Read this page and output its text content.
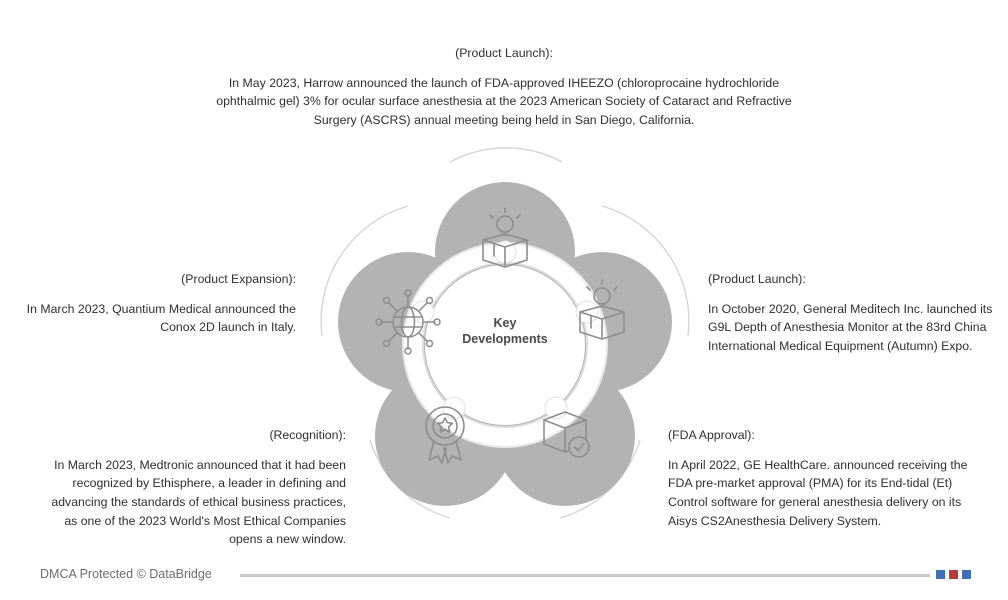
(Product Launch):
In May 2023, Harrow announced the launch of FDA-approved IHEEZO (chloroprocaine hydrochloride ophthalmic gel) 3% for ocular surface anesthesia at the 2023 American Society of Cataract and Refractive Surgery (ASCRS) annual meeting being held in San Diego, California.
(Product Expansion):
In March 2023, Quantium Medical announced the Conox 2D launch in Italy.
(Product Launch):
In October 2020, General Meditech Inc. launched its G9L Depth of Anesthesia Monitor at the 83rd China International Medical Equipment (Autumn) Expo.
(Recognition):
In March 2023, Medtronic announced that it had been recognized by Ethisphere, a leader in defining and advancing the standards of ethical business practices, as one of the 2023 World's Most Ethical Companies opens a new window.
(FDA Approval):
In April 2022, GE HealthCare. announced receiving the FDA pre-market approval (PMA) for its End-tidal (Et) Control software for general anesthesia delivery on its Aisys CS2Anesthesia Delivery System.
Key
Developments
DMCA Protected © DataBridge
